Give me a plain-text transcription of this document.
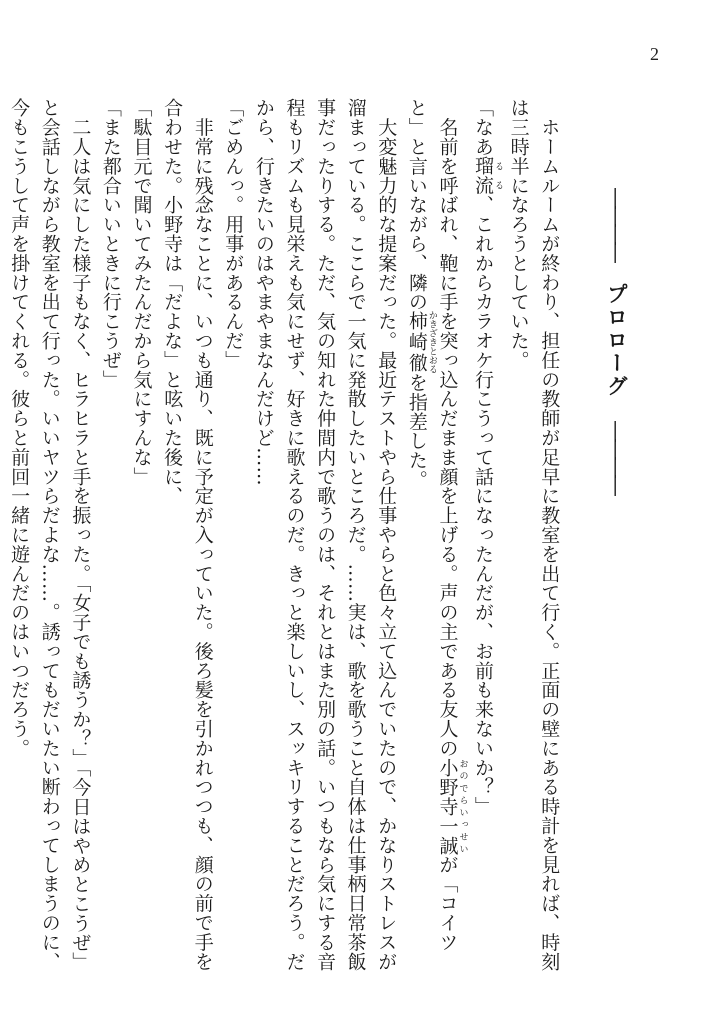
2

――――　プロローグ　――――

　ホームルームが終わり、担任の教師が足早に教室を出て行く。正面の壁にある時計を見れば、時刻は三時半になろうとしていた。

「なあ瑠流 るる、これからカラオケ行こうって話になったんだが、お前も来ないか？」

　名前を呼ばれ、鞄に手を突っ込んだまま顔を上げる。声の主である友人の小野寺一誠 おのでらいっせいが「コイツと」と言いながら、隣の柿崎徹 かきざきとおるを指差した。

　大変魅力的な提案だった。最近テストやら仕事やらと色々立て込んでいたので、かなりストレスが溜まっている。ここらで一気に発散したいところだ。……実は、歌を歌うこと自体は仕事柄日常茶飯事だったりする。ただ、気の知れた仲間内で歌うのは、それとはまた別の話。いつもなら気にする音程もリズムも見栄えも気にせず、好きに歌えるのだ。きっと楽しいし、スッキリすることだろう。だから、行きたいのはやまやまなんだけど……

「ごめんっ。用事があるんだ」

　非常に残念なことに、いつも通り、既に予定が入っていた。後ろ髪を引かれつつも、顔の前で手を合わせた。小野寺は「だよな」と呟いた後に、

「駄目元で聞いてみたんだから気にすんな」

「また都合いいときに行こうぜ」

　二人は気にした様子もなく、ヒラヒラと手を振った。「女子でも誘うか？」「今日はやめとこうぜ」と会話しながら教室を出て行った。いいヤツらだよな……。誘ってもだいたい断わってしまうのに、今もこうして声を掛けてくれる。彼らと前回一緒に遊んだのはいつだろう。
